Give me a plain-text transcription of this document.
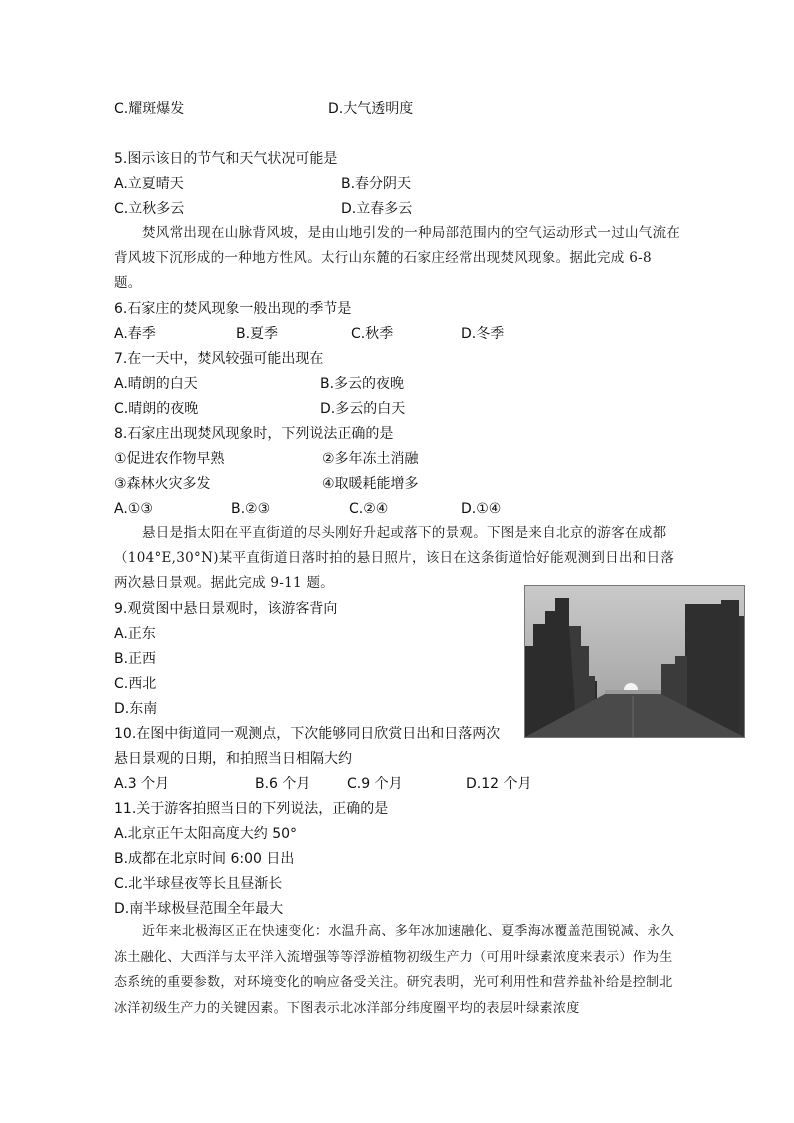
C.耀斑爆发	D.大气透明度
5.图示该日的节气和天气状况可能是
A.立夏晴天	B.春分阴天
C.立秋多云	D.立春多云
焚风常出现在山脉背风坡，是由山地引发的一种局部范围内的空气运动形式一过山气流在背风坡下沉形成的一种地方性风。太行山东麓的石家庄经常出现焚风现象。据此完成 6-8 题。
6.石家庄的焚风现象一般出现的季节是
A.春季	B.夏季	C.秋季	D.冬季
7.在一天中，焚风较强可能出现在
A.晴朗的白天	B.多云的夜晚
C.晴朗的夜晚	D.多云的白天
8.石家庄出现焚风现象时，下列说法正确的是
①促进农作物早熟	②多年冻土消融
③森林火灾多发	④取暖耗能增多
A.①③	B.②③	C.②④	D.①④
悬日是指太阳在平直街道的尽头刚好升起或落下的景观。下图是来自北京的游客在成都（104°E,30°N)某平直街道日落时拍的悬日照片，该日在这条街道恰好能观测到日出和日落两次悬日景观。据此完成 9-11 题。
9.观赏图中悬日景观时，该游客背向
A.正东
B.正西
C.西北
D.东南
10.在图中街道同一观测点，下次能够同日欣赏日出和日落两次
悬日景观的日期，和拍照当日相隔大约
A.3 个月	B.6 个月	C.9 个月	D.12 个月
11.关于游客拍照当日的下列说法，正确的是
A.北京正午太阳高度大约 50°
B.成都在北京时间 6:00 日出
C.北半球昼夜等长且昼渐长
D.南半球极昼范围全年最大
近年来北极海区正在快速变化：水温升高、多年冰加速融化、夏季海冰覆盖范围锐减、永久冻土融化、大西洋与太平洋入流增强等等浮游植物初级生产力（可用叶绿素浓度来表示）作为生态系统的重要参数，对环境变化的响应备受关注。研究表明，光可利用性和营养盐补给是控制北冰洋初级生产力的关键因素。下图表示北冰洋部分纬度圈平均的表层叶绿素浓度
